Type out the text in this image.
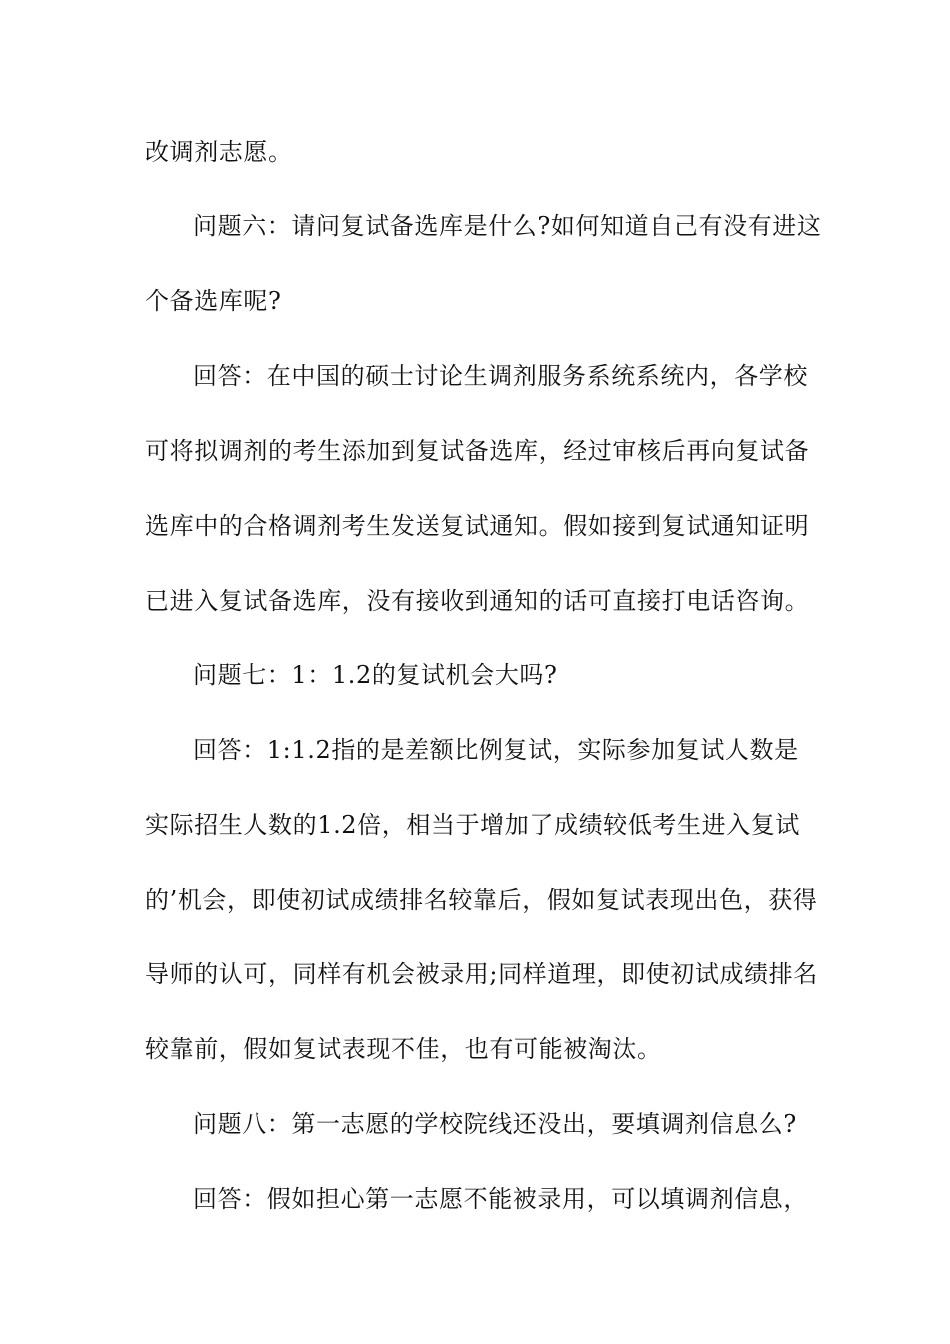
改调剂志愿。
问题六：请问复试备选库是什么?如何知道自己有没有进这
个备选库呢?
回答：在中国的硕士讨论生调剂服务系统系统内，各学校
可将拟调剂的考生添加到复试备选库，经过审核后再向复试备
选库中的合格调剂考生发送复试通知。假如接到复试通知证明
已进入复试备选库，没有接收到通知的话可直接打电话咨询。
问题七：1：1.2的复试机会大吗?
回答：1:1.2指的是差额比例复试，实际参加复试人数是
实际招生人数的1.2倍，相当于增加了成绩较低考生进入复试
的’机会，即使初试成绩排名较靠后，假如复试表现出色，获得
导师的认可，同样有机会被录用;同样道理，即使初试成绩排名
较靠前，假如复试表现不佳，也有可能被淘汰。
问题八：第一志愿的学校院线还没出，要填调剂信息么?
回答：假如担心第一志愿不能被录用，可以填调剂信息，
